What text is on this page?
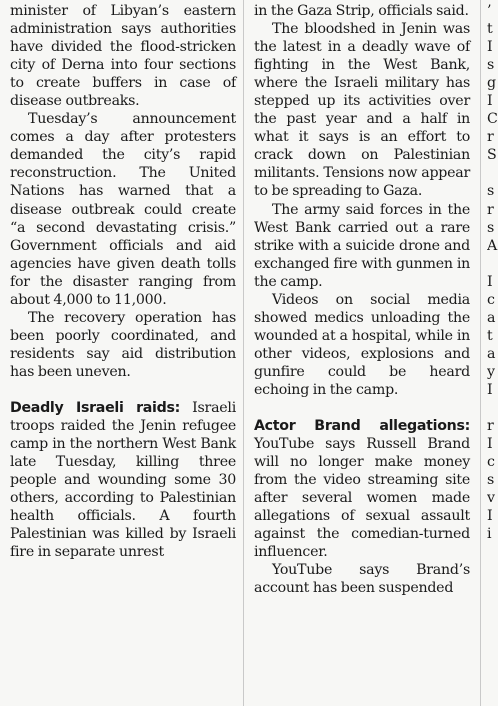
minister of Libyan’s eastern administration says authorities have divided the flood-stricken city of Derna into four sections to create buffers in case of disease outbreaks.

Tuesday’s announcement comes a day after protesters demanded the city’s rapid reconstruction. The United Nations has warned that a disease outbreak could create “a second devastating crisis.” Government officials and aid agencies have given death tolls for the disaster ranging from about 4,000 to 11,000.

The recovery operation has been poorly coordinated, and residents say aid distribution has been uneven.

Deadly Israeli raids: Israeli troops raided the Jenin refugee camp in the northern West Bank late Tuesday, killing three people and wounding some 30 others, according to Palestinian health officials. A fourth Palestinian was killed by Israeli fire in separate unrest

in the Gaza Strip, officials said.

The bloodshed in Jenin was the latest in a deadly wave of fighting in the West Bank, where the Israeli military has stepped up its activities over the past year and a half in what it says is an effort to crack down on Palestinian militants. Tensions now appear to be spreading to Gaza.

The army said forces in the West Bank carried out a rare strike with a suicide drone and exchanged fire with gunmen in the camp.

Videos on social media showed medics unloading the wounded at a hospital, while in other videos, explosions and gunfire could be heard echoing in the camp.

Actor Brand allegations: YouTube says Russell Brand will no longer make money from the video streaming site after several women made allegations of sexual assault against the comedian-turned influencer.

YouTube says Brand’s account has been suspended

’
t
I
s
g
I
C
r
S
s
r
s
A
I
c
a
t
a
y
I
r
I
c
s
v
I
i
